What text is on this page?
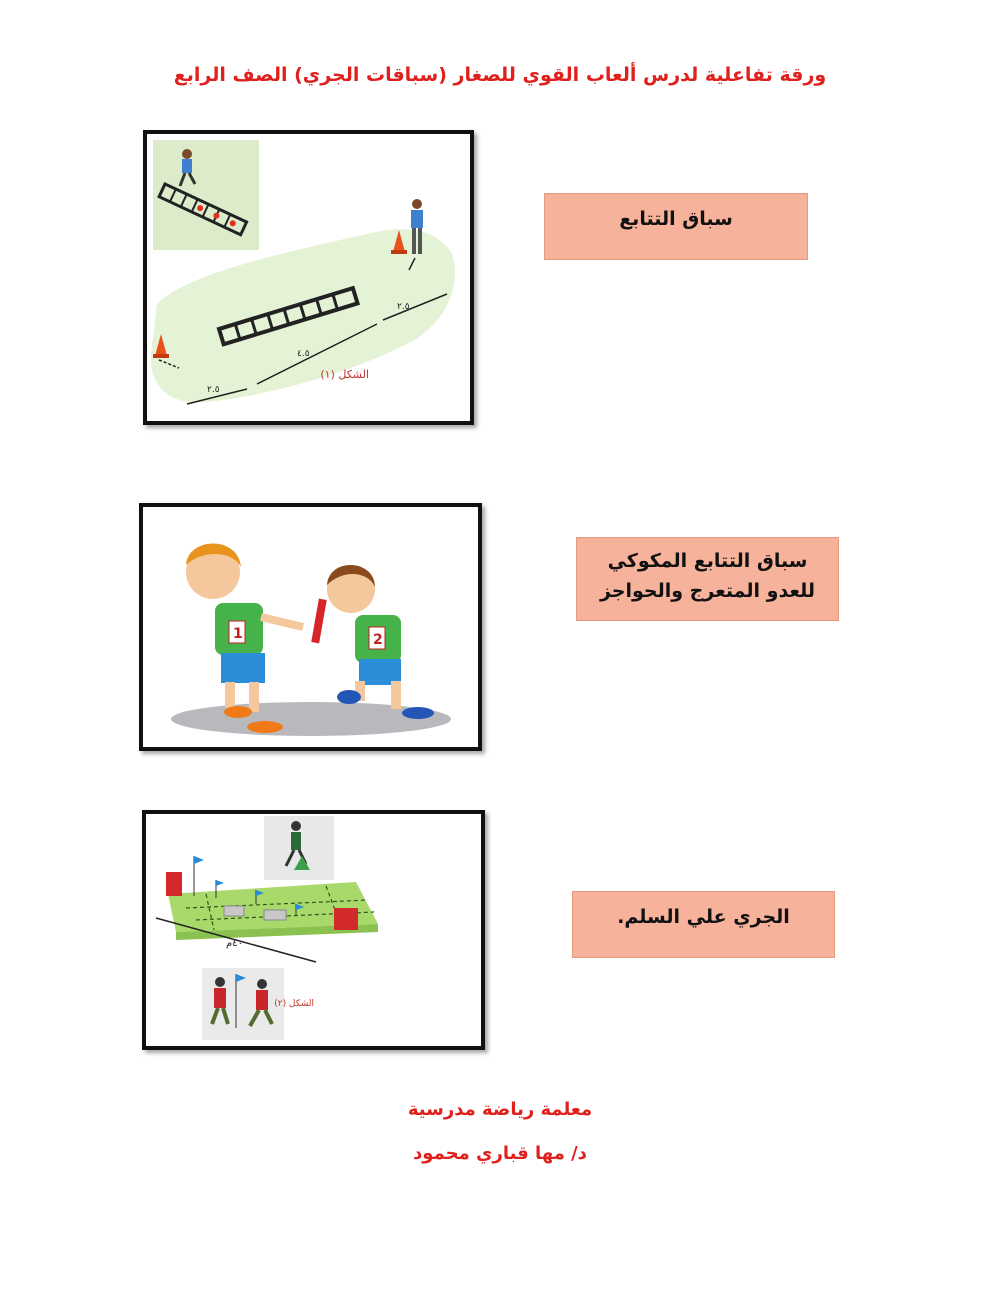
ورقة تفاعلية لدرس ألعاب القوي للصغار (سباقات الجري) الصف الرابع
٢.٥
٤.٥
٢.٥
الشكل (١)
سباق التتابع
1	2
سباق التتابع المكوكي للعدو المتعرج والحواجز
٤٠م
الشكل (٢)
الجري علي السلم.
معلمة رياضة مدرسية
د/ مها قباري محمود
